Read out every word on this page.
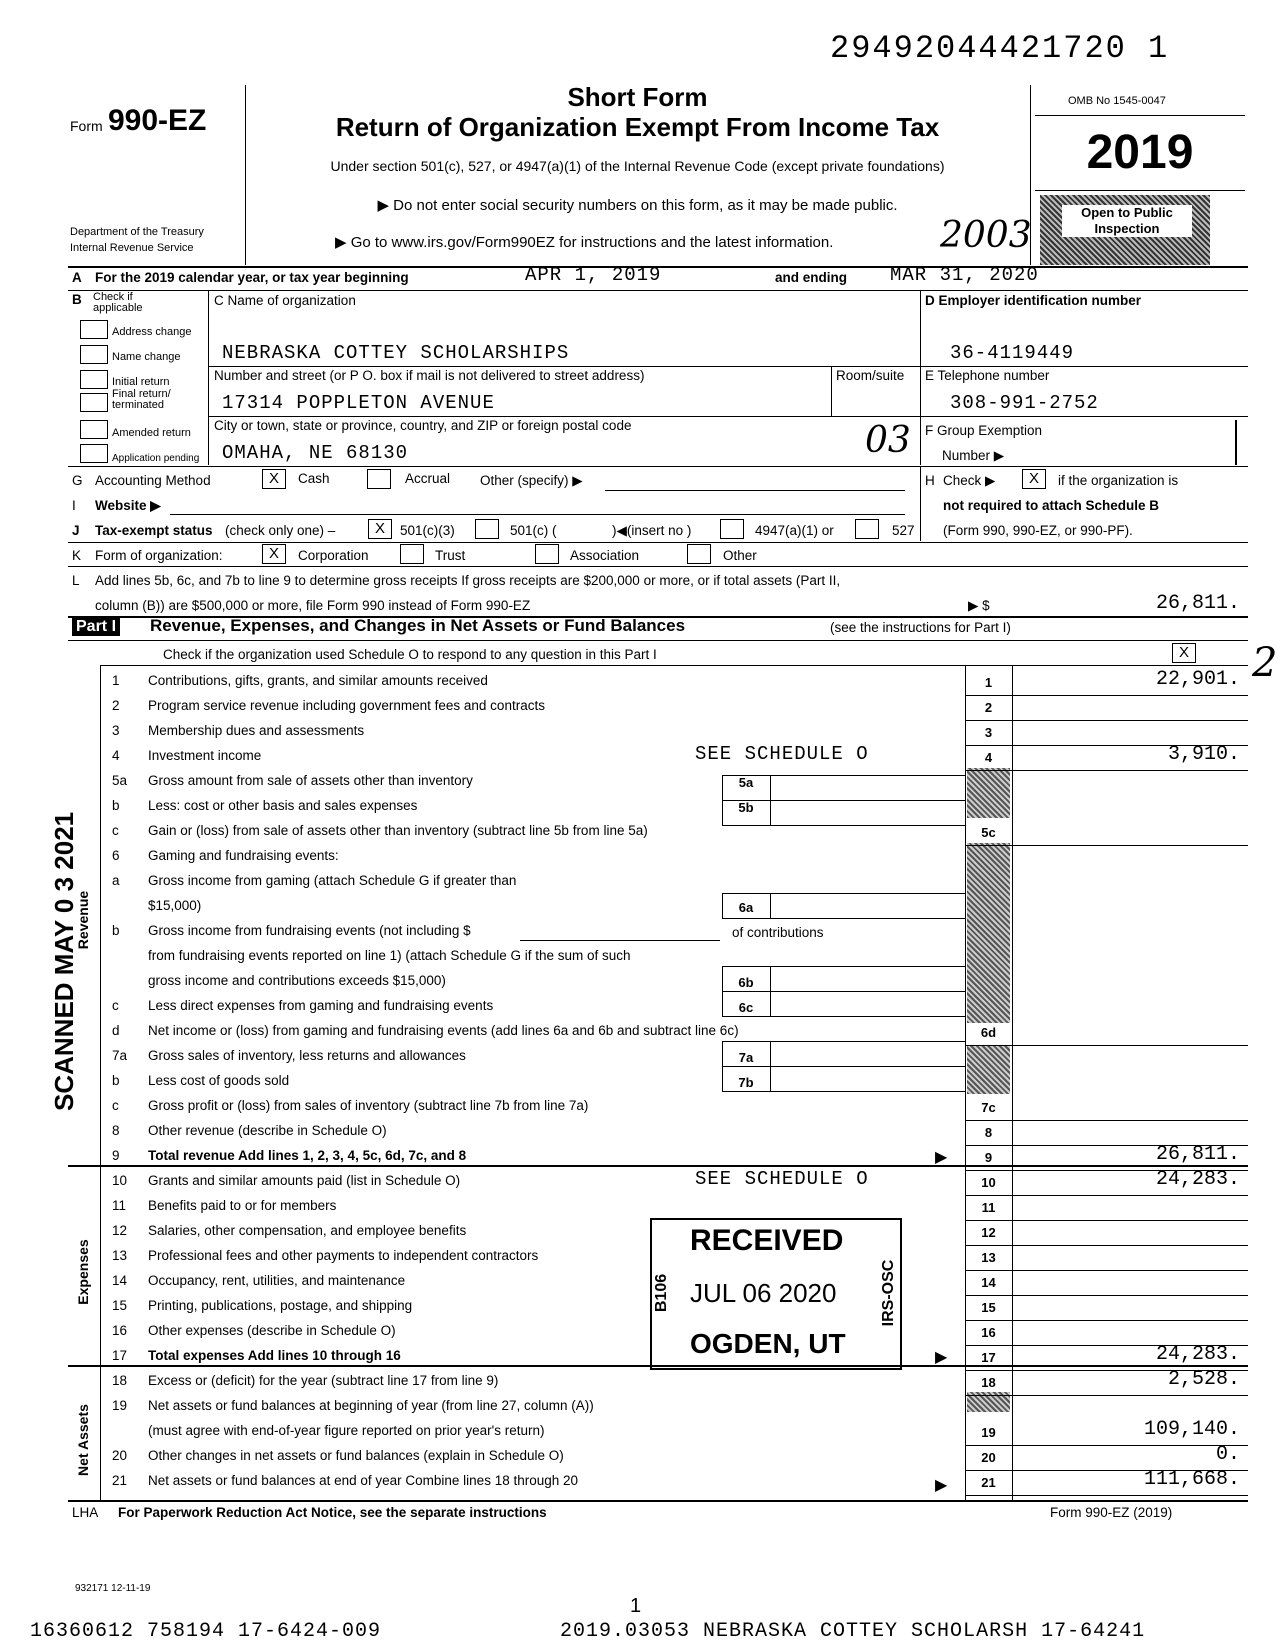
29492044421720 1
Form 990-EZ
Department of the Treasury
Internal Revenue Service
Short Form
Return of Organization Exempt From Income Tax
Under section 501(c), 527, or 4947(a)(1) of the Internal Revenue Code (except private foundations)
▶ Do not enter social security numbers on this form, as it may be made public.
▶ Go to www.irs.gov/Form990EZ for instructions and the latest information.	2003
OMB No 1545-0047
2019
Open to Public Inspection
A For the 2019 calendar year, or tax year beginning	APR 1, 2019	and ending MAR 31, 2020
B Check if applicable
Address change
Name change
Initial return
Final return/ terminated
Amended return
Application pending
C Name of organization
NEBRASKA COTTEY SCHOLARSHIPS
Number and street (or P O. box if mail is not delivered to street address)	Room/suite
17314 POPPLETON AVENUE
City or town, state or province, country, and ZIP or foreign postal code
OMAHA, NE 68130	03
D Employer identification number
36-4119449
E Telephone number
308-991-2752
F Group Exemption
Number ▶
G Accounting Method	X	Cash	Accrual Other (specify) ▶	H Check ▶	X	if the organization is
not required to attach Schedule B
(Form 990, 990-EZ, or 990-PF).
I Website ▶
J Tax-exempt status (check only one) –	X	501(c)(3)	501(c) (	)◀(insert no )	4947(a)(1) or	527
K Form of organization:	X	Corporation	Trust	Association	Other
L Add lines 5b, 6c, and 7b to line 9 to determine gross receipts If gross receipts are $200,000 or more, or if total assets (Part II,
column (B)) are $500,000 or more, file Form 990 instead of Form 990-EZ	▶ $	26,811.
Part I Revenue, Expenses, and Changes in Net Assets or Fund Balances	(see the instructions for Part I)
Check if the organization used Schedule O to respond to any question in this Part I	X
Revenue
Expenses
Net Assets
1 Contributions, gifts, grants, and similar amounts received	1	22,901.
2 Program service revenue including government fees and contracts	2
3 Membership dues and assessments	3
4 Investment income	4	3,910.
5a Gross amount from sale of assets other than inventory	5a
b Less: cost or other basis and sales expenses	5b
c Gain or (loss) from sale of assets other than inventory (subtract line 5b from line 5a)	5c
6 Gaming and fundraising events:
a Gross income from gaming (attach Schedule G if greater than
$15,000)	6a
b Gross income from fundraising events (not including $
from fundraising events reported on line 1) (attach Schedule G if the sum of such
gross income and contributions exceeds $15,000)	6b
c Less direct expenses from gaming and fundraising events	6c
d Net income or (loss) from gaming and fundraising events (add lines 6a and 6b and subtract line 6c)	6d
7a Gross sales of inventory, less returns and allowances	7a
b Less cost of goods sold	7b
c Gross profit or (loss) from sales of inventory (subtract line 7b from line 7a)	7c
8 Other revenue (describe in Schedule O)	8
9 Total revenue Add lines 1, 2, 3, 4, 5c, 6d, 7c, and 8	9	26,811.
10 Grants and similar amounts paid (list in Schedule O)	10	24,283.
11 Benefits paid to or for members	11
12 Salaries, other compensation, and employee benefits	12
13 Professional fees and other payments to independent contractors	13
14 Occupancy, rent, utilities, and maintenance	14
15 Printing, publications, postage, and shipping	15
16 Other expenses (describe in Schedule O)	16
17 Total expenses Add lines 10 through 16	17	24,283.
18 Excess or (deficit) for the year (subtract line 17 from line 9)	18	2,528.
19 Net assets or fund balances at beginning of year (from line 27, column (A))
(must agree with end-of-year figure reported on prior year's return)	19	109,140.
20 Other changes in net assets or fund balances (explain in Schedule O)	20	0.
21 Net assets or fund balances at end of year Combine lines 18 through 20	21	111,668.
SEE SCHEDULE O
SEE SCHEDULE O
of contributions
▶
▶
▶
RECEIVED
JUL 06 2020
OGDEN, UT
B106	IRS-OSC
SCANNED MAY 0 3 2021
2
LHA For Paperwork Reduction Act Notice, see the separate instructions	Form 990-EZ (2019)
932171 12-11-19
1
16360612 758194 17-6424-009	2019.03053 NEBRASKA COTTEY SCHOLARSH 17-64241
